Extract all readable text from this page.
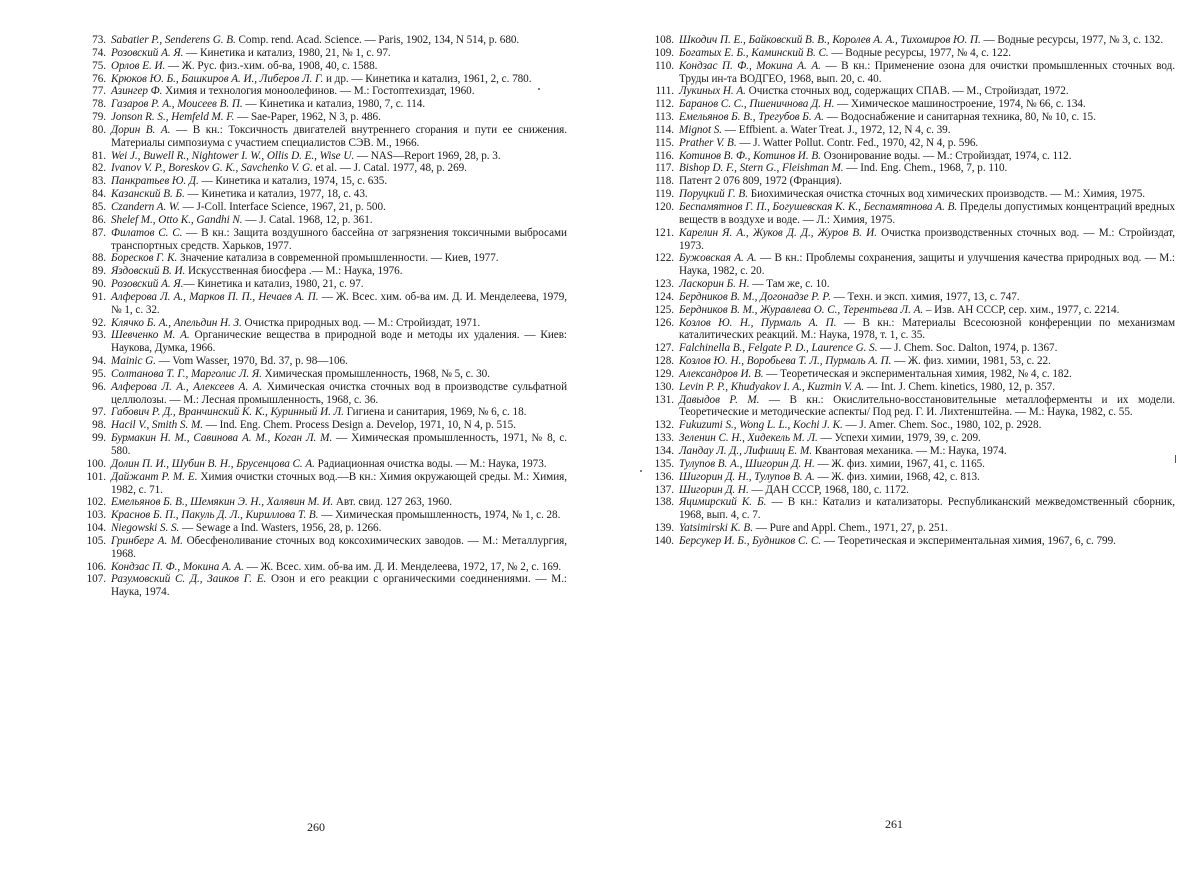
73. Sabatier P., Senderens G. B. Comp. rend. Acad. Science. — Paris, 1902, 134, N 514, p. 680.
74. Розовский А. Я. — Кинетика и катализ, 1980, 21, № 1, с. 97.
75. Орлов Е. И. — Ж. Рус. физ.-хим. об-ва, 1908, 40, с. 1588.
76. Крюков Ю. Б., Башкиров А. И., Либеров Л. Г. и др. — Кинетика и катализ, 1961, 2, с. 780.
77. Азингер Ф. Химия и технология моноолефинов. — М.: Гостоптехиздат, 1960.
78. Газаров Р. А., Моисеев В. П. — Кинетика и катализ, 1980, 7, с. 114.
79. Jonson R. S., Hemfeld M. F. — Sae-Paper, 1962, N 3, p. 486.
80. Дорин В. А. — В кн.: Токсичность двигателей внутреннего сгорания и пути ее снижения. Материалы симпозиума с участием специалистов СЭВ. М., 1966.
81. Wei J., Buwell R., Nightower I. W., Ollis D. E., Wise U. — NAS—Report 1969, 28, p. 3.
82. Ivanov V. P., Boreskov G. K., Savchenko V. G. et al. — J. Catal. 1977, 48, p. 269.
83. Панкратьев Ю. Д. — Кинетика и катализ, 1974, 15, с. 635.
84. Казанский В. Б. — Кинетика и катализ, 1977, 18, с. 43.
85. Czandern A. W. — J-Coll. Interface Science, 1967, 21, p. 500.
86. Shelef M., Otto K., Gandhi N. — J. Catal. 1968, 12, p. 361.
87. Филатов С. С. — В кн.: Защита воздушного бассейна от загрязнения токсичными выбросами транспортных средств. Харьков, 1977.
88. Боресков Г. К. Значение катализа в современной промышленности. — Киев, 1977.
89. Яздовский В. И. Искусственная биосфера .— М.: Наука, 1976.
90. Розовский А. Я.— Кинетика и катализ, 1980, 21, с. 97.
91. Алферова Л. А., Марков П. П., Нечаев А. П. — Ж. Всес. хим. об-ва им. Д. И. Менделеева, 1979, № 1, с. 32.
92. Клячко Б. А., Апельдин Н. З. Очистка природных вод. — М.: Стройиздат, 1971.
93. Шевченко М. А. Органические вещества в природной воде и методы их удаления. — Киев: Наукова, Думка, 1966.
94. Mainic G. — Vom Wasser, 1970, Bd. 37, p. 98—106.
95. Солтанова Т. Г., Марголис Л. Я. Химическая промышленность, 1968, № 5, с. 30.
96. Алферова Л. А., Алексеев А. А. Химическая очистка сточных вод в производстве сульфатной целлюлозы. — М.: Лесная промышленность, 1968, с. 36.
97. Габович Р. Д., Вранчинский К. К., Куринный И. Л. Гигиена и санитария, 1969, № 6, с. 18.
98. Hacil V., Smith S. M. — Ind. Eng. Chem. Process Design a. Develop, 1971, 10, N 4, p. 515.
99. Бурмакин Н. М., Савинова А. М., Коган Л. М. — Химическая промышленность, 1971, № 8, с. 580.
100. Долин П. И., Шубин В. Н., Брусенцова С. А. Радиационная очистка воды. — М.: Наука, 1973.
101. Дайжант Р. М. Е. Химия очистки сточных вод.—В кн.: Химия окружающей среды. М.: Химия, 1982, с. 71.
102. Емельянов Б. В., Шемякин Э. Н., Халявин М. И. Авт. свид. 127 263, 1960.
103. Краснов Б. П., Пакуль Д. Л., Кириллова Т. В. — Химическая промышленность, 1974, № 1, с. 28.
104. Niegowski S. S. — Sewage a Ind. Wasters, 1956, 28, p. 1266.
105. Гринберг А. М. Обесфеноливание сточных вод коксохимических заводов. — М.: Металлургия, 1968.
106. Кондзас П. Ф., Мокина А. А. — Ж. Всес. хим. об-ва им. Д. И. Менделеева, 1972, 17, № 2, с. 169.
107. Разумовский С. Д., Заиков Г. Е. Озон и его реакции с органическими соединениями. — М.: Наука, 1974.
108. Шкодич П. Е., Байковский В. В., Королев А. А., Тихомиров Ю. П. — Водные ресурсы, 1977, № 3, с. 132.
109. Богатых Е. Б., Каминский В. С. — Водные ресурсы, 1977, № 4, с. 122.
110. Кондзас П. Ф., Мокина А. А. — В кн.: Применение озона для очистки промышленных сточных вод. Труды ин-та ВОДГЕО, 1968, вып. 20, с. 40.
111. Лукиных Н. А. Очистка сточных вод, содержащих СПАВ. — М., Стройиздат, 1972.
112. Баранов С. С., Пшеничнова Д. Н. — Химическое машиностроение, 1974, № 66, с. 134.
113. Емельянов Б. В., Трегубов Б. А. — Водоснабжение и санитарная техника, 80, № 10, с. 15.
114. Mignot S. — Effbient. a. Water Treat. J., 1972, 12, N 4, c. 39.
115. Prather V. B. — J. Watter Pollut. Contr. Fed., 1970, 42, N 4, p. 596.
116. Котинов В. Ф., Котинов И. В. Озонирование воды. — М.: Стройиздат, 1974, с. 112.
117. Bishop D. F., Stern G., Fleishman M. — Ind. Eng. Chem., 1968, 7, p. 110.
118. Патент 2 076 809, 1972 (Франция).
119. Поруцкий Г. В. Биохимическая очистка сточных вод химических производств. — М.: Химия, 1975.
120. Беспамятнов Г. П., Богушевская К. К., Беспамятнова А. В. Пределы допустимых концентраций вредных веществ в воздухе и воде. — Л.: Химия, 1975.
121. Карелин Я. А., Жуков Д. Д., Журов В. И. Очистка производственных сточных вод. — М.: Стройиздат, 1973.
122. Бужовская А. А. — В кн.: Проблемы сохранения, защиты и улучшения качества природных вод. — М.: Наука, 1982, с. 20.
123. Ласкорин Б. Н. — Там же, с. 10.
124. Бердников В. М., Догонадзе Р. Р. — Техн. и эксп. химия, 1977, 13, с. 747.
125. Бердников В. М., Журавлева О. С., Терентьева Л. А. – Изв. АН СССР, сер. хим., 1977, с. 2214.
126. Козлов Ю. Н., Пурмаль А. П. — В кн.: Материалы Всесоюзной конференции по механизмам каталитических реакций. М.: Наука, 1978, т. 1, с. 35.
127. Falchinella B., Felgate P. D., Laurence G. S. — J. Chem. Soc. Dalton, 1974, p. 1367.
128. Козлов Ю. Н., Воробьева Т. Л., Пурмаль А. П. — Ж. физ. химии, 1981, 53, с. 22.
129. Александров И. В. — Теоретическая и экспериментальная химия, 1982, № 4, с. 182.
130. Levin P. P., Khudyakov I. A., Kuzmin V. A. — Int. J. Chem. kinetics, 1980, 12, p. 357.
131. Давыдов Р. М. — В кн.: Окислительно-восстановительные металлоферменты и их модели. Теоретические и методические аспекты/ Под ред. Г. И. Лихтенштейна. — М.: Наука, 1982, с. 55.
132. Fukuzumi S., Wong L. L., Kochi J. K. — J. Amer. Chem. Soc., 1980, 102, p. 2928.
133. Зеленин С. Н., Хидекель М. Л. — Успехи химии, 1979, 39, с. 209.
134. Ландау Л. Д., Лифшиц Е. М. Квантовая механика. — М.: Наука, 1974.
135. Тулупов В. А., Шигорин Д. Н. — Ж. физ. химии, 1967, 41, с. 1165.
136. Шигорин Д. Н., Тулупов В. А. — Ж. физ. химии, 1968, 42, с. 813.
137. Шигорин Д. Н. — ДАН СССР, 1968, 180, с. 1172.
138. Яцимирский К. Б. — В кн.: Катализ и катализаторы. Республиканский межведомственный сборник, 1968, вып. 4, с. 7.
139. Yatsimirski K. B. — Pure and Appl. Chem., 1971, 27, p. 251.
140. Берсукер И. Б., Будников С. С. — Теоретическая и экспериментальная химия, 1967, 6, с. 799.
260	261
